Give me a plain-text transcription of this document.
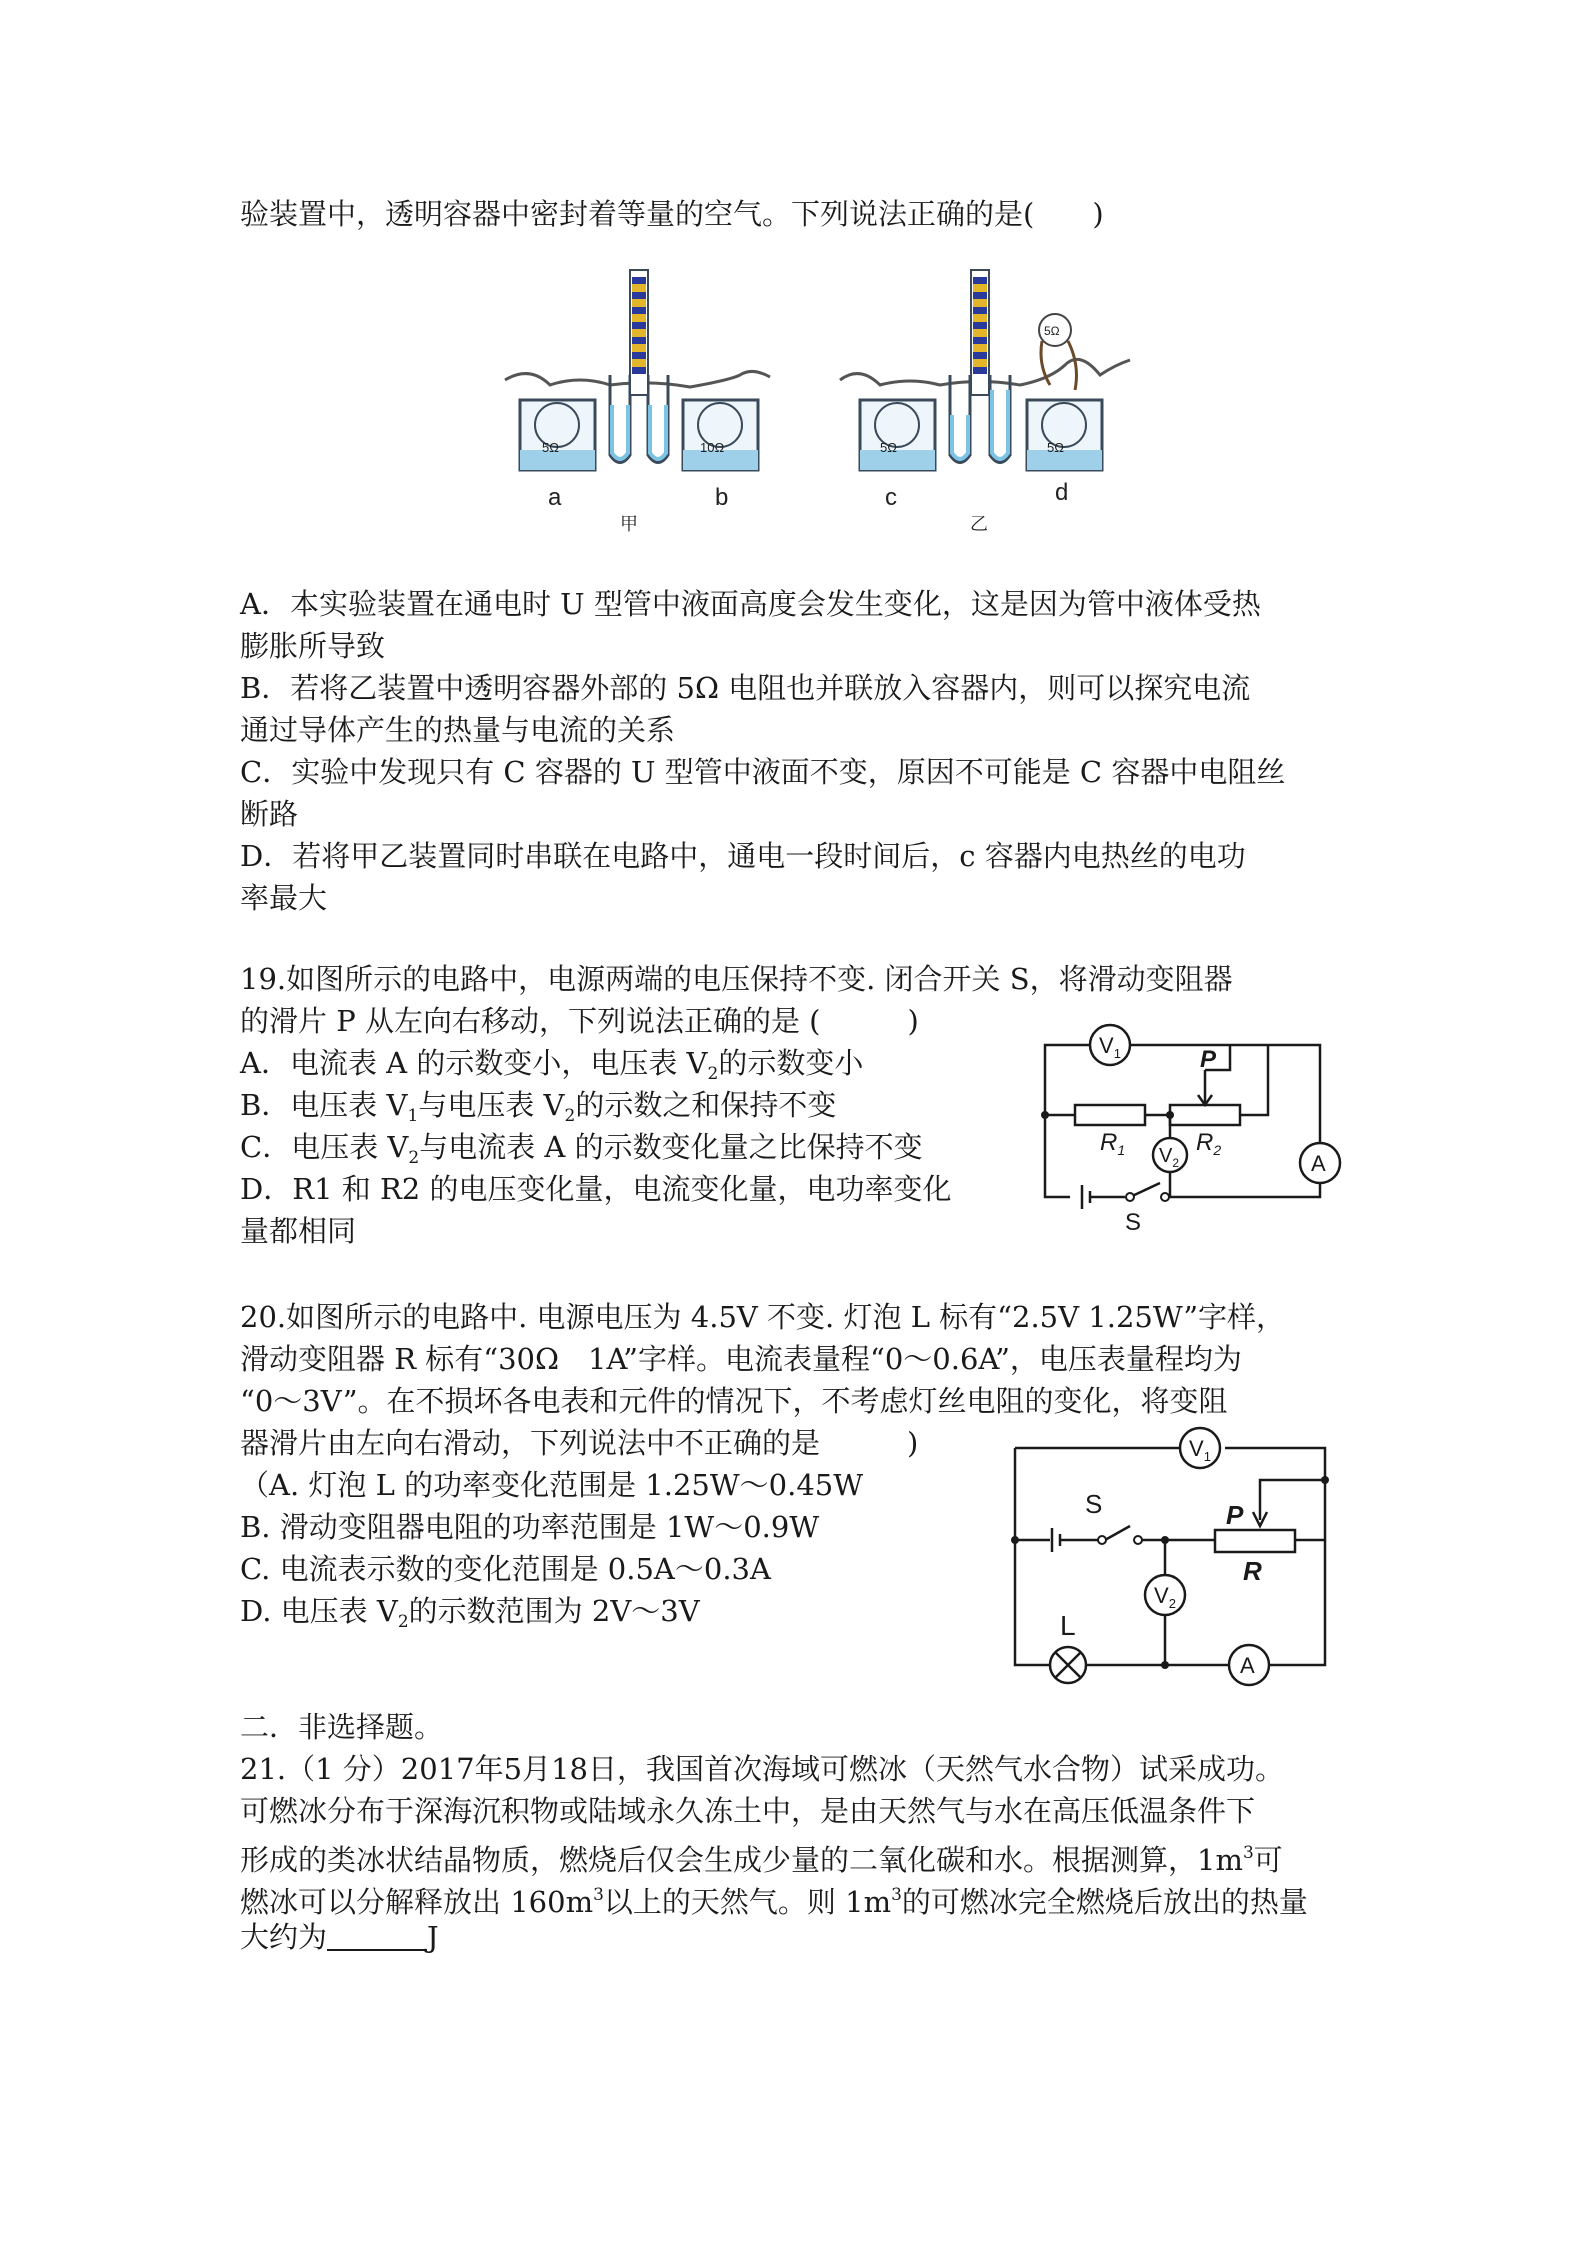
验装置中，透明容器中密封着等量的空气。下列说法正确的是(　　)
5Ω	10Ω
a	b
甲
5Ω
5Ω	5Ω
c	d
乙
A．本实验装置在通电时 U 型管中液面高度会发生变化，这是因为管中液体受热
膨胀所导致
B．若将乙装置中透明容器外部的 5Ω 电阻也并联放入容器内，则可以探究电流
通过导体产生的热量与电流的关系
C．实验中发现只有 C 容器的 U 型管中液面不变，原因不可能是 C 容器中电阻丝
断路
D．若将甲乙装置同时串联在电路中，通电一段时间后，c 容器内电热丝的电功
率最大
19.如图所示的电路中，电源两端的电压保持不变. 闭合开关 S，将滑动变阻器
的滑片 P 从左向右移动，下列说法正确的是 (　　　)
A．电流表 A 的示数变小，电压表 $V_2$的示数变小
B．电压表 $V_1$与电压表 $V_2$的示数之和保持不变
C．电压表 $V_2$与电流表 A 的示数变化量之比保持不变
D．R1 和 R2 的电压变化量，电流变化量，电功率变化
量都相同
$V_1$
$V_2$	A
P
$R_1$	$R_2$
S
20.如图所示的电路中. 电源电压为 4.5V 不变. 灯泡 L 标有“2.5V 1.25W”字样，
滑动变阻器 R 标有“30Ω　1A”字样。电流表量程“0～0.6A”，电压表量程均为
“0～3V”。在不损坏各电表和元件的情况下，不考虑灯丝电阻的变化，将变阻
器滑片由左向右滑动，下列说法中不正确的是　　　)
（A. 灯泡 L 的功率变化范围是 1.25W～0.45W
B. 滑动变阻器电阻的功率范围是 1W～0.9W
C. 电流表示数的变化范围是 0.5A～0.3A
D. 电压表 $V_2$的示数范围为 2V～3V
$V_1$
$V_2$
A
S	P
R
L
二．非选择题。
21.（1 分）2017年5月18日，我国首次海域可燃冰（天然气水合物）试采成功。
可燃冰分布于深海沉积物或陆域永久冻土中，是由天然气与水在高压低温条件下
形成的类冰状结晶物质，燃烧后仅会生成少量的二氧化碳和水。根据测算，$1m^3$可
燃冰可以分解释放出 $160m^3$以上的天然气。则 $1m^3$的可燃冰完全燃烧后放出的热量
大约为	J
